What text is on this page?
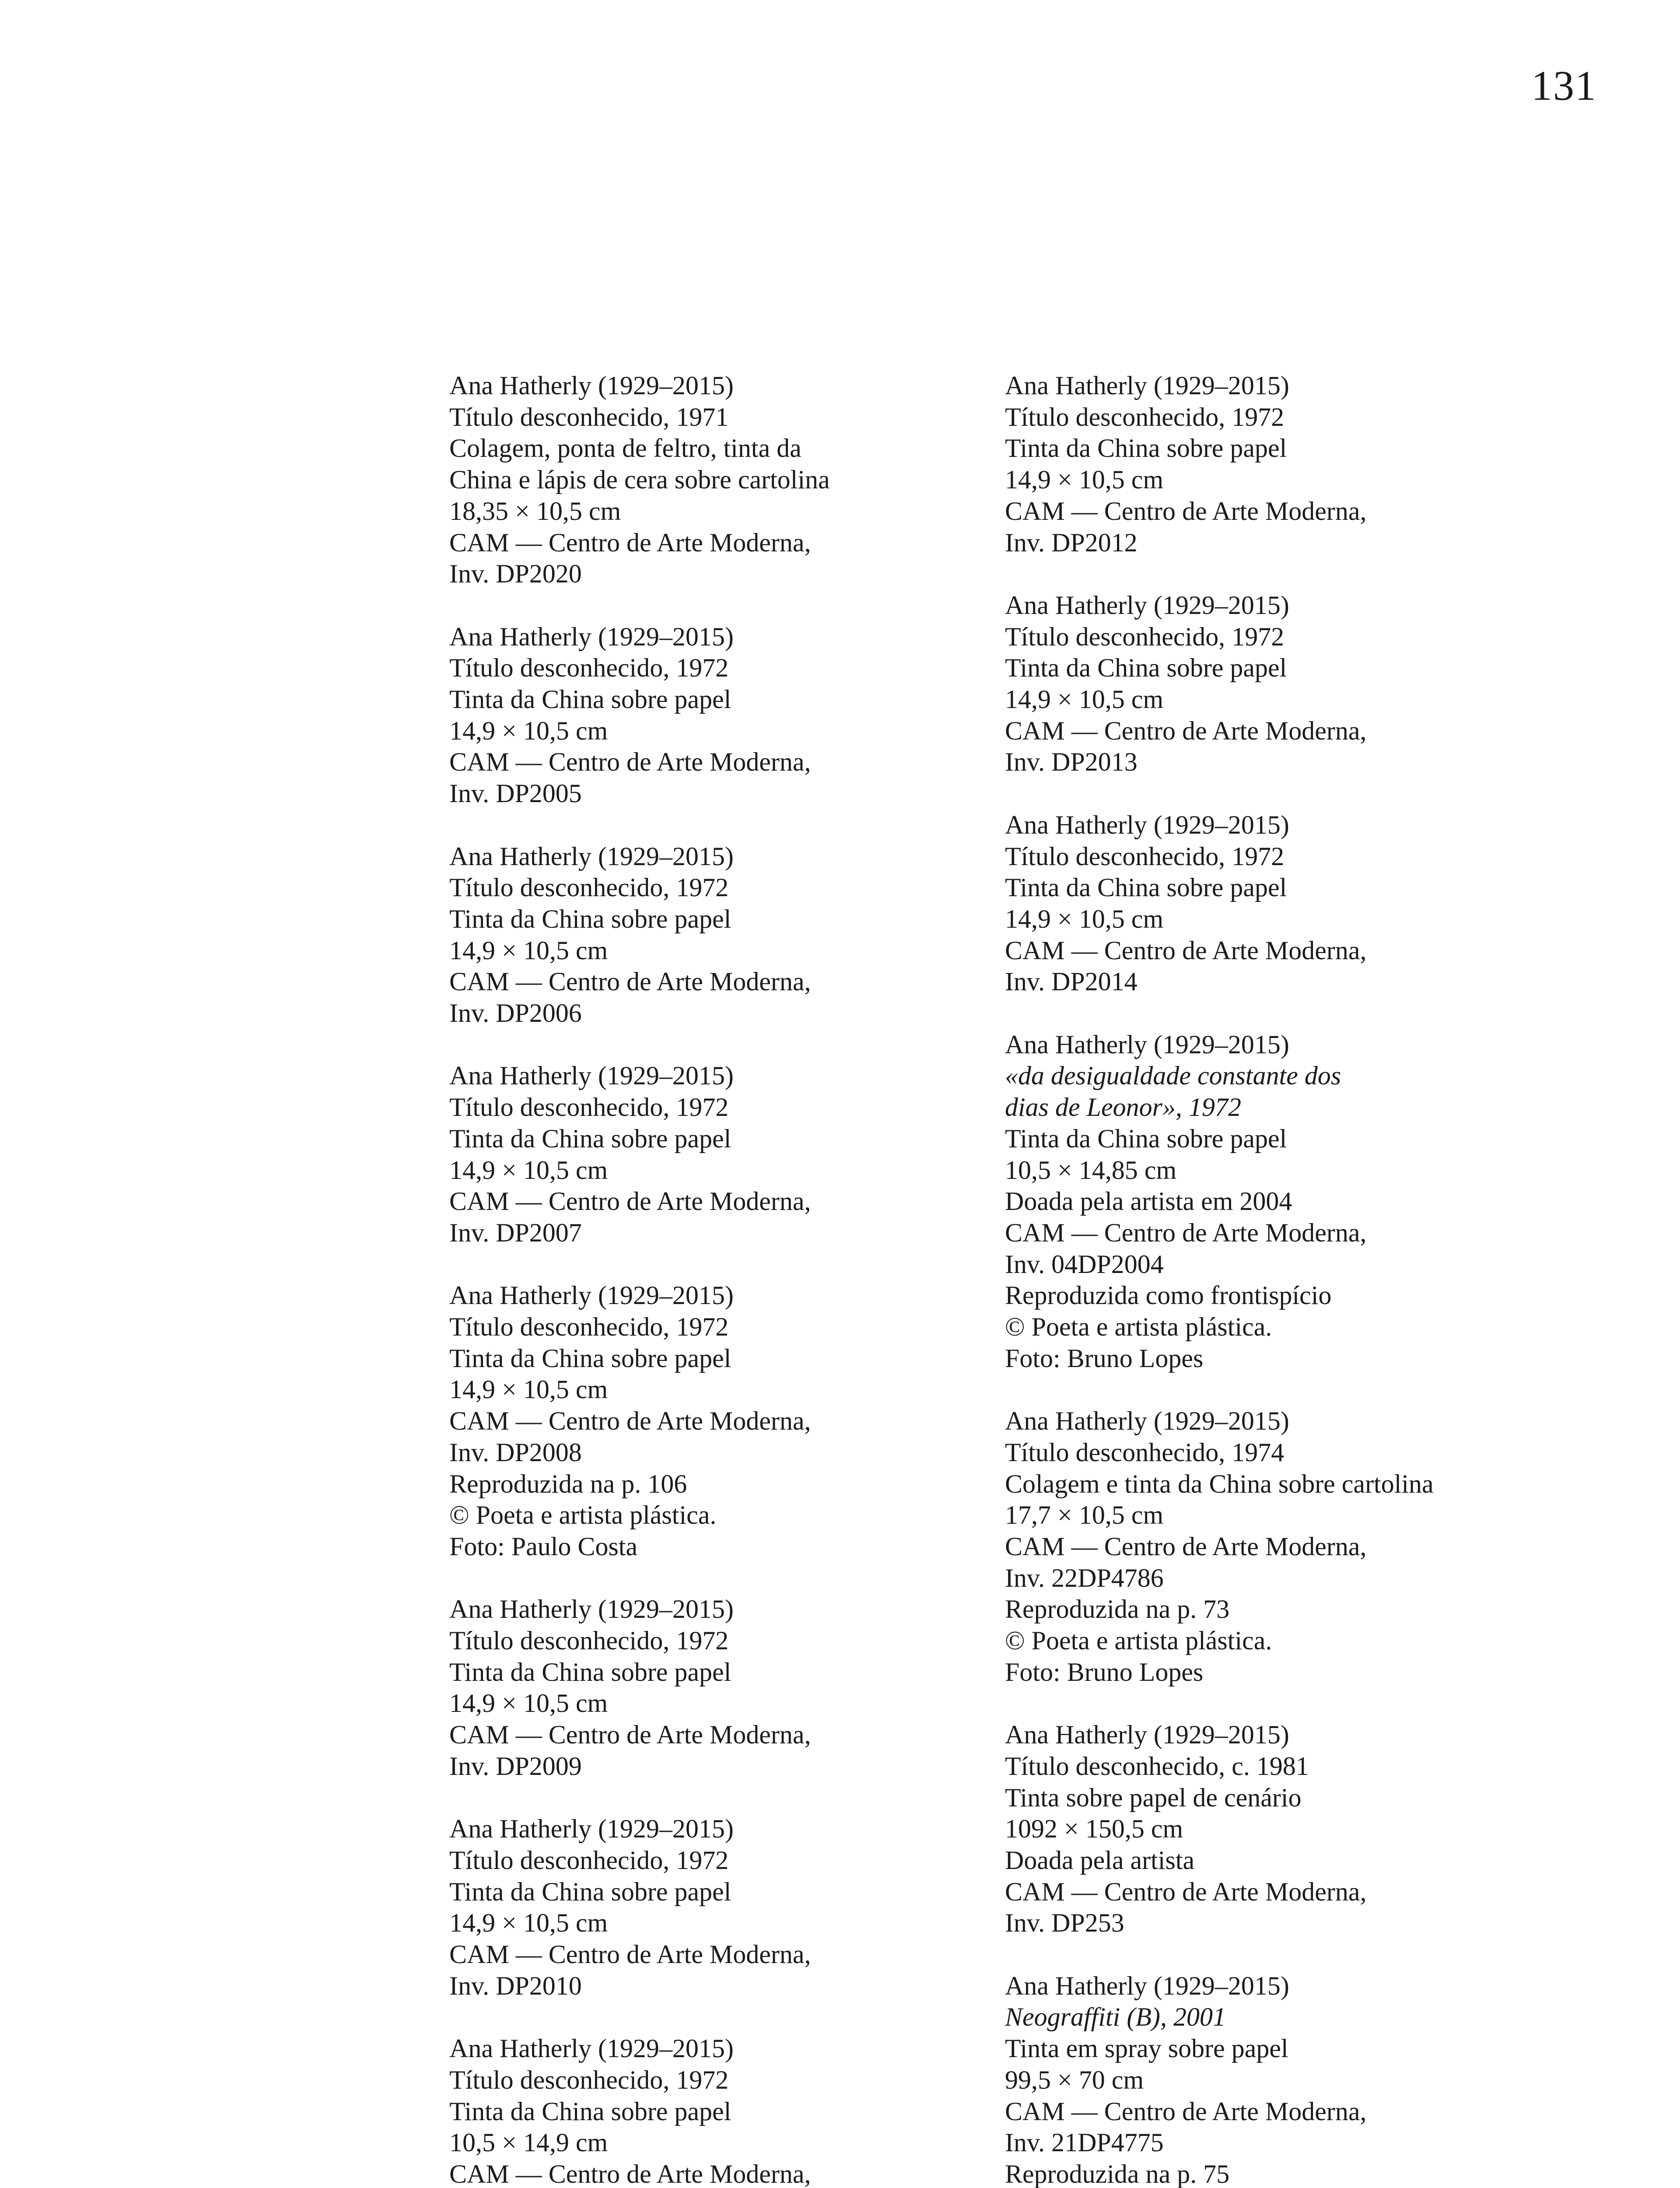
131
Ana Hatherly (1929–2015)
Título desconhecido, 1971
Colagem, ponta de feltro, tinta da
China e lápis de cera sobre cartolina
18,35 × 10,5 cm
CAM — Centro de Arte Moderna,
Inv. DP2020
Ana Hatherly (1929–2015)
Título desconhecido, 1972
Tinta da China sobre papel
14,9 × 10,5 cm
CAM — Centro de Arte Moderna,
Inv. DP2005
Ana Hatherly (1929–2015)
Título desconhecido, 1972
Tinta da China sobre papel
14,9 × 10,5 cm
CAM — Centro de Arte Moderna,
Inv. DP2006
Ana Hatherly (1929–2015)
Título desconhecido, 1972
Tinta da China sobre papel
14,9 × 10,5 cm
CAM — Centro de Arte Moderna,
Inv. DP2007
Ana Hatherly (1929–2015)
Título desconhecido, 1972
Tinta da China sobre papel
14,9 × 10,5 cm
CAM — Centro de Arte Moderna,
Inv. DP2008
Reproduzida na p. 106
© Poeta e artista plástica.
Foto: Paulo Costa
Ana Hatherly (1929–2015)
Título desconhecido, 1972
Tinta da China sobre papel
14,9 × 10,5 cm
CAM — Centro de Arte Moderna,
Inv. DP2009
Ana Hatherly (1929–2015)
Título desconhecido, 1972
Tinta da China sobre papel
14,9 × 10,5 cm
CAM — Centro de Arte Moderna,
Inv. DP2010
Ana Hatherly (1929–2015)
Título desconhecido, 1972
Tinta da China sobre papel
10,5 × 14,9 cm
CAM — Centro de Arte Moderna,
Ana Hatherly (1929–2015)
Título desconhecido, 1972
Tinta da China sobre papel
14,9 × 10,5 cm
CAM — Centro de Arte Moderna,
Inv. DP2012
Ana Hatherly (1929–2015)
Título desconhecido, 1972
Tinta da China sobre papel
14,9 × 10,5 cm
CAM — Centro de Arte Moderna,
Inv. DP2013
Ana Hatherly (1929–2015)
Título desconhecido, 1972
Tinta da China sobre papel
14,9 × 10,5 cm
CAM — Centro de Arte Moderna,
Inv. DP2014
Ana Hatherly (1929–2015)
«da desigualdade constante dos
dias de Leonor», 1972
Tinta da China sobre papel
10,5 × 14,85 cm
Doada pela artista em 2004
CAM — Centro de Arte Moderna,
Inv. 04DP2004
Reproduzida como frontispício
© Poeta e artista plástica.
Foto: Bruno Lopes
Ana Hatherly (1929–2015)
Título desconhecido, 1974
Colagem e tinta da China sobre cartolina
17,7 × 10,5 cm
CAM — Centro de Arte Moderna,
Inv. 22DP4786
Reproduzida na p. 73
© Poeta e artista plástica.
Foto: Bruno Lopes
Ana Hatherly (1929–2015)
Título desconhecido, c. 1981
Tinta sobre papel de cenário
1092 × 150,5 cm
Doada pela artista
CAM — Centro de Arte Moderna,
Inv. DP253
Ana Hatherly (1929–2015)
Neograffiti (B), 2001
Tinta em spray sobre papel
99,5 × 70 cm
CAM — Centro de Arte Moderna,
Inv. 21DP4775
Reproduzida na p. 75
